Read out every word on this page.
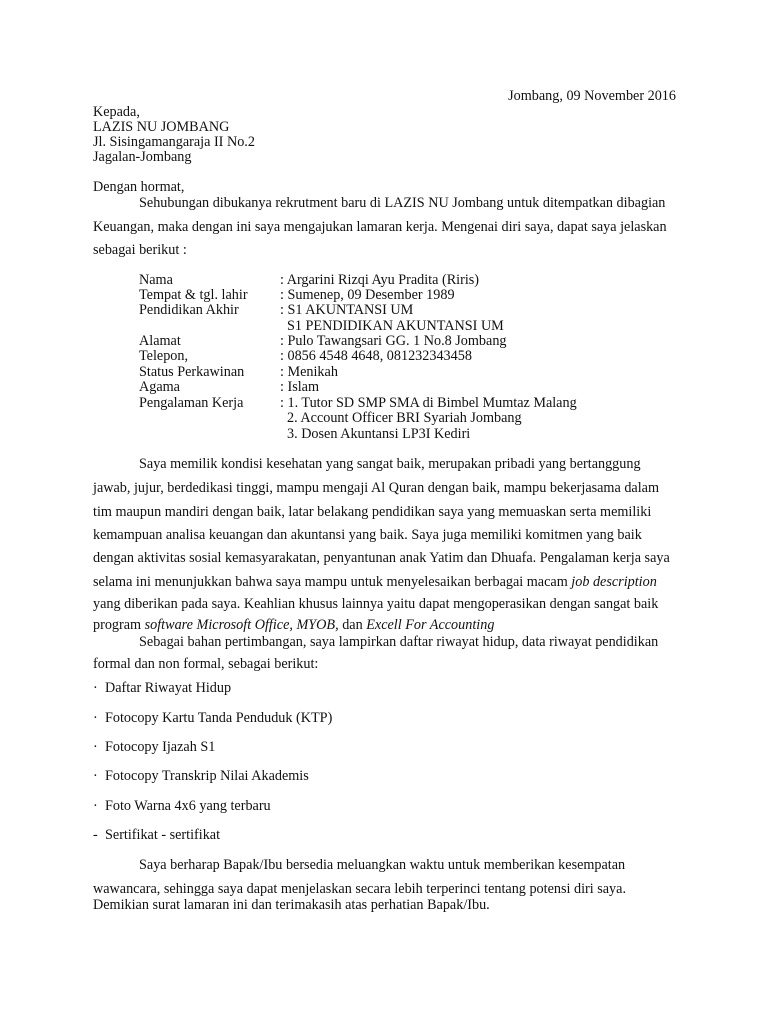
Jombang, 09 November 2016
Kepada,
LAZIS NU JOMBANG
Jl. Sisingamangaraja II No.2
Jagalan-Jombang
Dengan hormat,
Sehubungan dibukanya rekrutment baru di LAZIS NU Jombang untuk ditempatkan dibagian
Keuangan, maka dengan ini saya mengajukan lamaran kerja. Mengenai diri saya, dapat saya jelaskan
sebagai berikut :
Nama	: Argarini Rizqi Ayu Pradita (Riris)
Tempat & tgl. lahir : Sumenep, 09 Desember 1989
Pendidikan Akhir	: S1 AKUNTANSI UM
S1 PENDIDIKAN AKUNTANSI UM
Alamat	: Pulo Tawangsari GG. 1 No.8 Jombang
Telepon,	: 0856 4548 4648, 081232343458
Status Perkawinan	: Menikah
Agama	: Islam
Pengalaman Kerja	: 1. Tutor SD SMP SMA di Bimbel Mumtaz Malang
2. Account Officer BRI Syariah Jombang
3. Dosen Akuntansi LP3I Kediri
Saya memilik kondisi kesehatan yang sangat baik, merupakan pribadi yang bertanggung
jawab, jujur, berdedikasi tinggi, mampu mengaji Al Quran dengan baik, mampu bekerjasama dalam
tim maupun mandiri dengan baik, latar belakang pendidikan saya yang memuaskan serta memiliki
kemampuan analisa keuangan dan akuntansi yang baik. Saya juga memiliki komitmen yang baik
dengan aktivitas sosial kemasyarakatan, penyantunan anak Yatim dan Dhuafa. Pengalaman kerja saya
selama ini menunjukkan bahwa saya mampu untuk menyelesaikan berbagai macam job description
yang diberikan pada saya. Keahlian khusus lainnya yaitu dapat mengoperasikan dengan sangat baik
program software Microsoft Office, MYOB, dan Excell For Accounting
Sebagai bahan pertimbangan, saya lampirkan daftar riwayat hidup, data riwayat pendidikan
formal dan non formal, sebagai berikut:
· Daftar Riwayat Hidup
· Fotocopy Kartu Tanda Penduduk (KTP)
· Fotocopy Ijazah S1
· Fotocopy Transkrip Nilai Akademis
· Foto Warna 4x6 yang terbaru
- Sertifikat - sertifikat
Saya berharap Bapak/Ibu bersedia meluangkan waktu untuk memberikan kesempatan
wawancara, sehingga saya dapat menjelaskan secara lebih terperinci tentang potensi diri saya.
Demikian surat lamaran ini dan terimakasih atas perhatian Bapak/Ibu.
